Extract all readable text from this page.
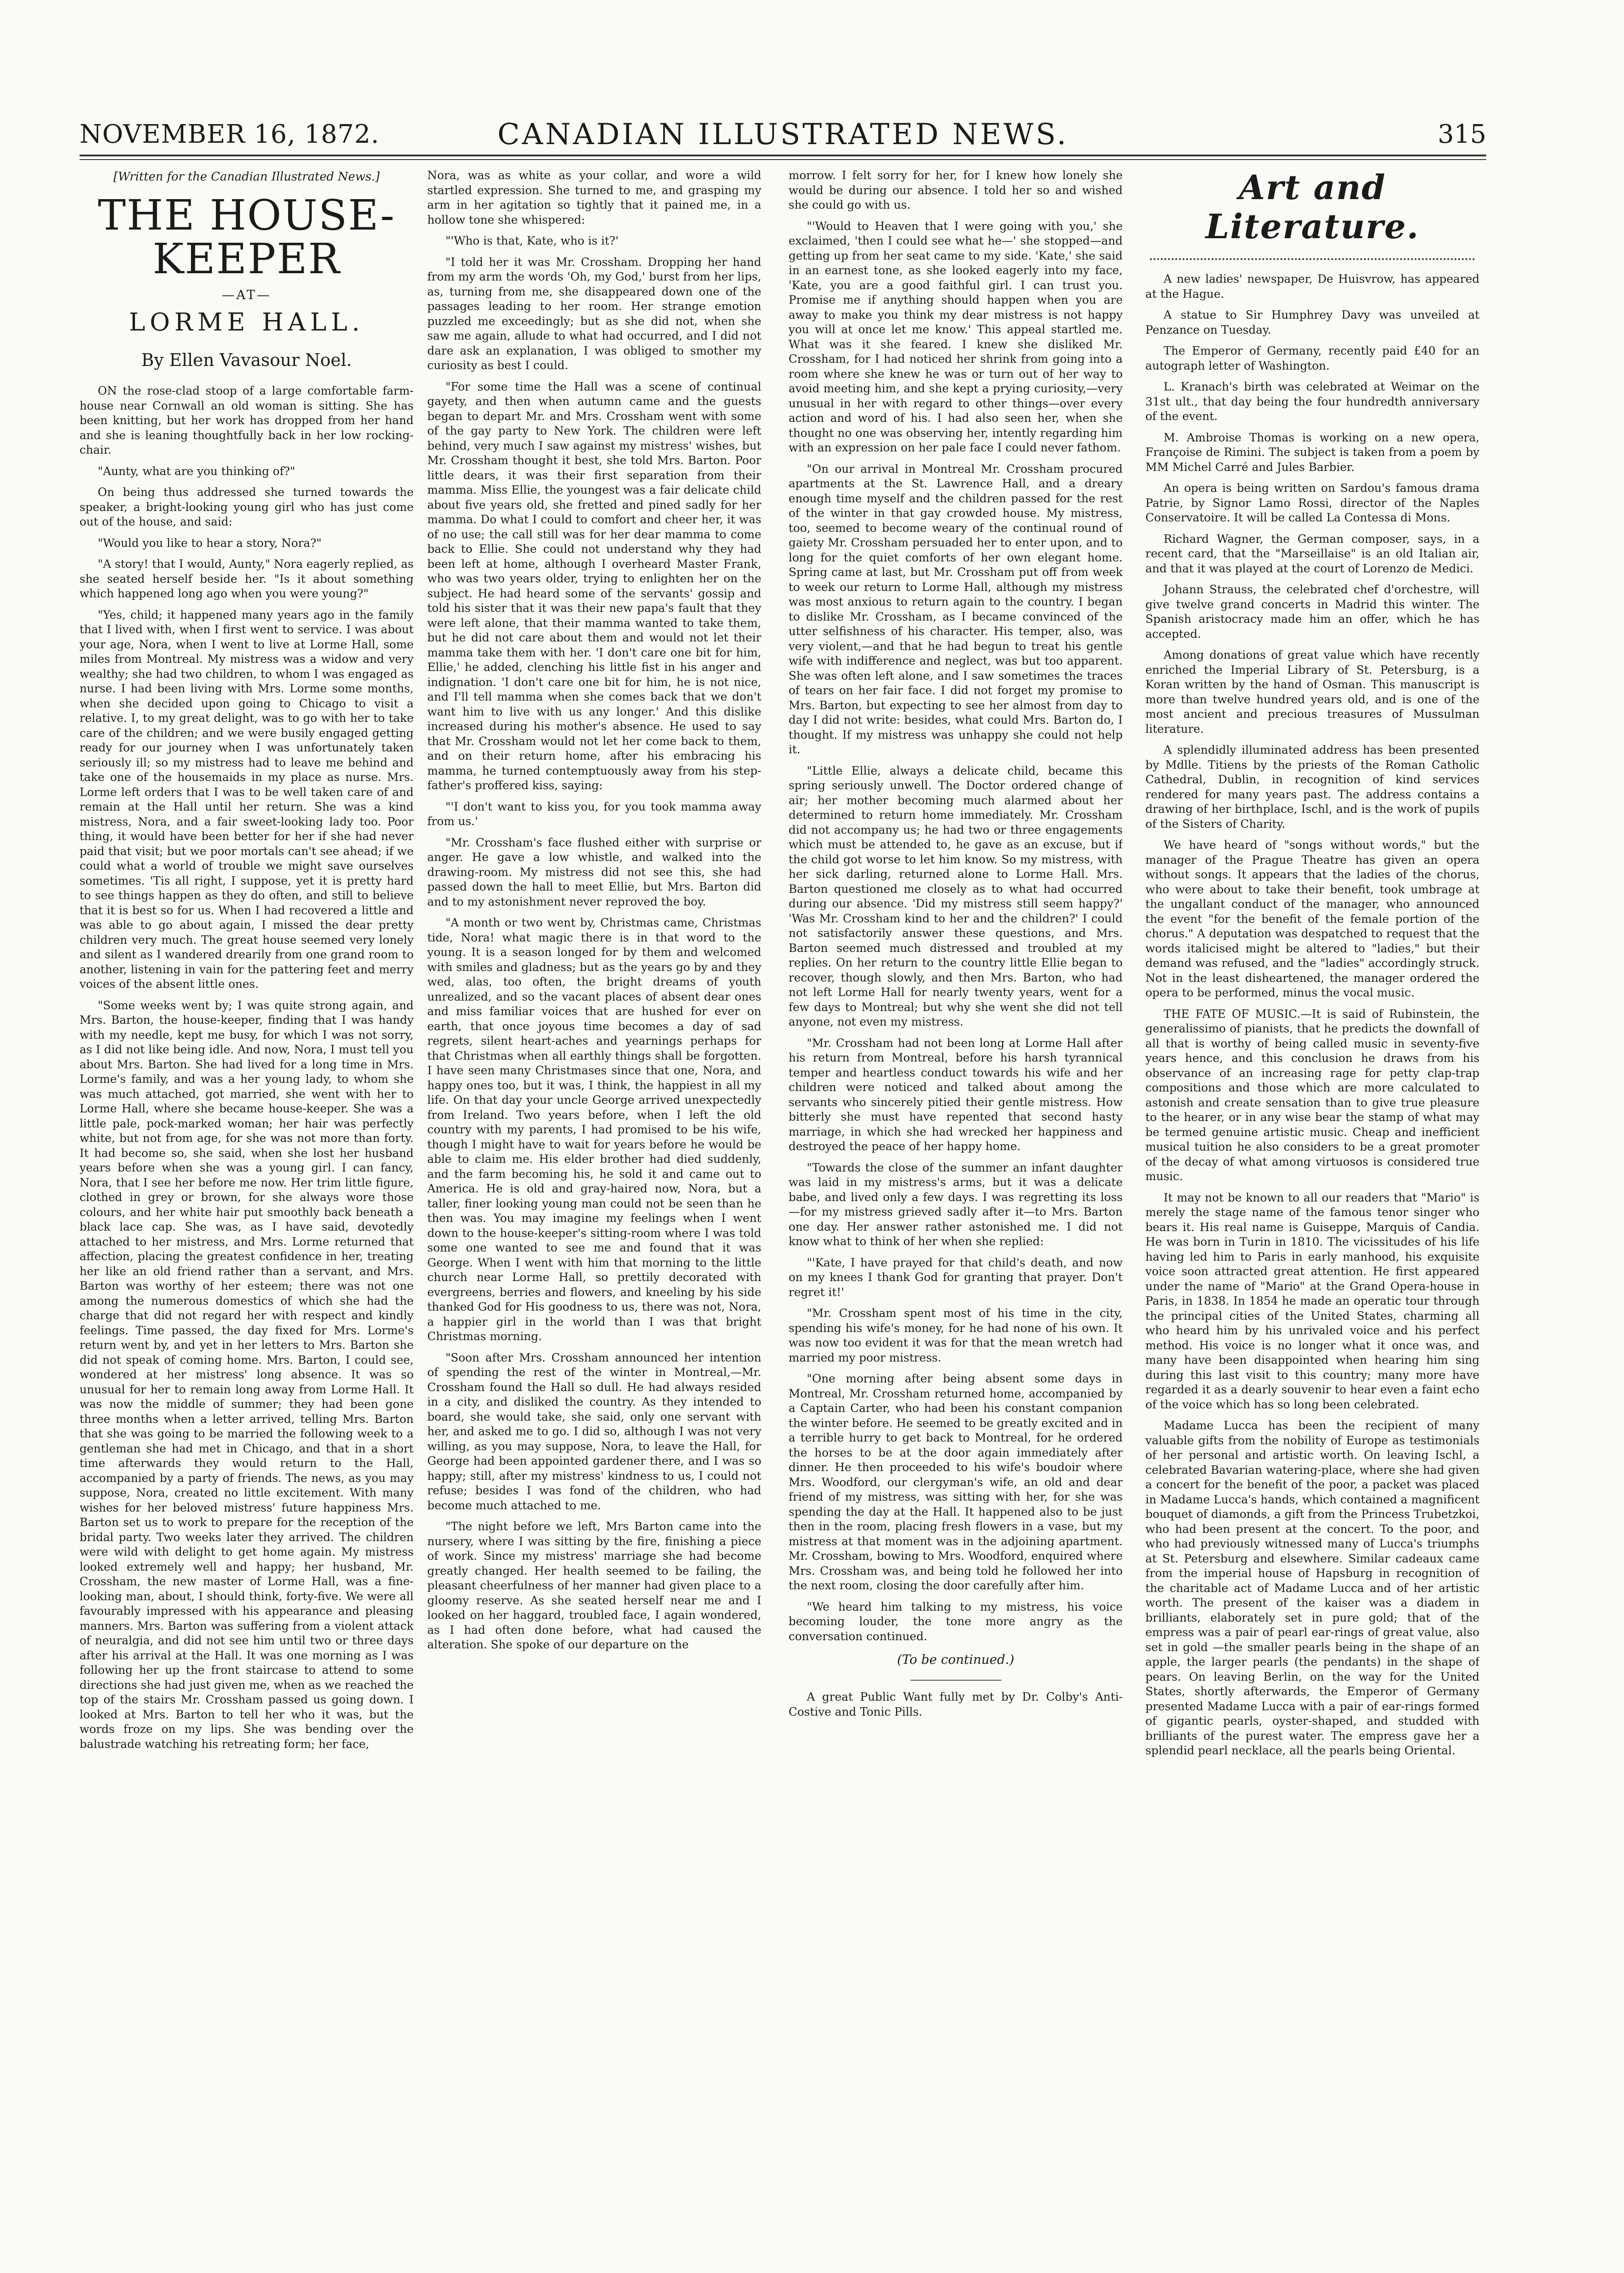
NOVEMBER 16, 1872.	CANADIAN ILLUSTRATED NEWS.	315
[Written for the Canadian Illustrated News.]
THE HOUSE-KEEPER
—AT—
LORME HALL.
By Ellen Vavasour Noel.

ON the rose-clad stoop of a large comfortable farm-house near Cornwall an old woman is sitting. She has been knitting, but her work has dropped from her hand and she is leaning thoughtfully back in her low rocking-chair.

"Aunty, what are you thinking of?"

On being thus addressed she turned towards the speaker, a bright-looking young girl who has just come out of the house, and said:

"Would you like to hear a story, Nora?"

"A story! that I would, Aunty," Nora eagerly replied, as she seated herself beside her. "Is it about something which happened long ago when you were young?"

"Yes, child; it happened many years ago in the family that I lived with, when I first went to service. I was about your age, Nora, when I went to live at Lorme Hall, some miles from Montreal. My mistress was a widow and very wealthy; she had two children, to whom I was engaged as nurse. I had been living with Mrs. Lorme some months, when she decided upon going to Chicago to visit a relative. I, to my great delight, was to go with her to take care of the children; and we were busily engaged getting ready for our journey when I was unfortunately taken seriously ill; so my mistress had to leave me behind and take one of the housemaids in my place as nurse. Mrs. Lorme left orders that I was to be well taken care of and remain at the Hall until her return. She was a kind mistress, Nora, and a fair sweet-looking lady too. Poor thing, it would have been better for her if she had never paid that visit; but we poor mortals can't see ahead; if we could what a world of trouble we might save ourselves sometimes. 'Tis all right, I suppose, yet it is pretty hard to see things happen as they do often, and still to believe that it is best so for us. When I had recovered a little and was able to go about again, I missed the dear pretty children very much. The great house seemed very lonely and silent as I wandered drearily from one grand room to another, listening in vain for the pattering feet and merry voices of the absent little ones.

"Some weeks went by; I was quite strong again, and Mrs. Barton, the house-keeper, finding that I was handy with my needle, kept me busy, for which I was not sorry, as I did not like being idle. And now, Nora, I must tell you about Mrs. Barton. She had lived for a long time in Mrs. Lorme's family, and was a her young lady, to whom she was much attached, got married, she went with her to Lorme Hall, where she became house-keeper. She was a little pale, pock-marked woman; her hair was perfectly white, but not from age, for she was not more than forty. It had become so, she said, when she lost her husband years before when she was a young girl. I can fancy, Nora, that I see her before me now. Her trim little figure, clothed in grey or brown, for she always wore those colours, and her white hair put smoothly back beneath a black lace cap. She was, as I have said, devotedly attached to her mistress, and Mrs. Lorme returned that affection, placing the greatest confidence in her, treating her like an old friend rather than a servant, and Mrs. Barton was worthy of her esteem; there was not one among the numerous domestics of which she had the charge that did not regard her with respect and kindly feelings. Time passed, the day fixed for Mrs. Lorme's return went by, and yet in her letters to Mrs. Barton she did not speak of coming home. Mrs. Barton, I could see, wondered at her mistress' long absence. It was so unusual for her to remain long away from Lorme Hall. It was now the middle of summer; they had been gone three months when a letter arrived, telling Mrs. Barton that she was going to be married the following week to a gentleman she had met in Chicago, and that in a short time afterwards they would return to the Hall, accompanied by a party of friends. The news, as you may suppose, Nora, created no little excitement. With many wishes for her beloved mistress' future happiness Mrs. Barton set us to work to prepare for the reception of the bridal party. Two weeks later they arrived. The children were wild with delight to get home again. My mistress looked extremely well and happy; her husband, Mr. Crossham, the new master of Lorme Hall, was a fine-looking man, about, I should think, forty-five. We were all favourably impressed with his appearance and pleasing manners. Mrs. Barton was suffering from a violent attack of neuralgia, and did not see him until two or three days after his arrival at the Hall. It was one morning as I was following her up the front staircase to attend to some directions she had just given me, when as we reached the top of the stairs Mr. Crossham passed us going down. I looked at Mrs. Barton to tell her who it was, but the words froze on my lips. She was bending over the balustrade watching his retreating form; her face,

Nora, was as white as your collar, and wore a wild startled expression. She turned to me, and grasping my arm in her agitation so tightly that it pained me, in a hollow tone she whispered:

"'Who is that, Kate, who is it?'

"I told her it was Mr. Crossham. Dropping her hand from my arm the words 'Oh, my God,' burst from her lips, as, turning from me, she disappeared down one of the passages leading to her room. Her strange emotion puzzled me exceedingly; but as she did not, when she saw me again, allude to what had occurred, and I did not dare ask an explanation, I was obliged to smother my curiosity as best I could.

"For some time the Hall was a scene of continual gayety, and then when autumn came and the guests began to depart Mr. and Mrs. Crossham went with some of the gay party to New York. The children were left behind, very much I saw against my mistress' wishes, but Mr. Crossham thought it best, she told Mrs. Barton. Poor little dears, it was their first separation from their mamma. Miss Ellie, the youngest was a fair delicate child about five years old, she fretted and pined sadly for her mamma. Do what I could to comfort and cheer her, it was of no use; the call still was for her dear mamma to come back to Ellie. She could not understand why they had been left at home, although I overheard Master Frank, who was two years older, trying to enlighten her on the subject. He had heard some of the servants' gossip and told his sister that it was their new papa's fault that they were left alone, that their mamma wanted to take them, but he did not care about them and would not let their mamma take them with her. 'I don't care one bit for him, Ellie,' he added, clenching his little fist in his anger and indignation. 'I don't care one bit for him, he is not nice, and I'll tell mamma when she comes back that we don't want him to live with us any longer.' And this dislike increased during his mother's absence. He used to say that Mr. Crossham would not let her come back to them, and on their return home, after his embracing his mamma, he turned contemptuously away from his step-father's proffered kiss, saying:

"'I don't want to kiss you, for you took mamma away from us.'

"Mr. Crossham's face flushed either with surprise or anger. He gave a low whistle, and walked into the drawing-room. My mistress did not see this, she had passed down the hall to meet Ellie, but Mrs. Barton did and to my astonishment never reproved the boy.

"A month or two went by, Christmas came, Christmas tide, Nora! what magic there is in that word to the young. It is a season longed for by them and welcomed with smiles and gladness; but as the years go by and they wed, alas, too often, the bright dreams of youth unrealized, and so the vacant places of absent dear ones and miss familiar voices that are hushed for ever on earth, that once joyous time becomes a day of sad regrets, silent heart-aches and yearnings perhaps for that Christmas when all earthly things shall be forgotten. I have seen many Christmases since that one, Nora, and happy ones too, but it was, I think, the happiest in all my life. On that day your uncle George arrived unexpectedly from Ireland. Two years before, when I left the old country with my parents, I had promised to be his wife, though I might have to wait for years before he would be able to claim me. His elder brother had died suddenly, and the farm becoming his, he sold it and came out to America. He is old and gray-haired now, Nora, but a taller, finer looking young man could not be seen than he then was. You may imagine my feelings when I went down to the house-keeper's sitting-room where I was told some one wanted to see me and found that it was George. When I went with him that morning to the little church near Lorme Hall, so prettily decorated with evergreens, berries and flowers, and kneeling by his side thanked God for His goodness to us, there was not, Nora, a happier girl in the world than I was that bright Christmas morning.

"Soon after Mrs. Crossham announced her intention of spending the rest of the winter in Montreal,—Mr. Crossham found the Hall so dull. He had always resided in a city, and disliked the country. As they intended to board, she would take, she said, only one servant with her, and asked me to go. I did so, although I was not very willing, as you may suppose, Nora, to leave the Hall, for George had been appointed gardener there, and I was so happy; still, after my mistress' kindness to us, I could not refuse; besides I was fond of the children, who had become much attached to me.

"The night before we left, Mrs Barton came into the nursery, where I was sitting by the fire, finishing a piece of work. Since my mistress' marriage she had become greatly changed. Her health seemed to be failing, the pleasant cheerfulness of her manner had given place to a gloomy reserve. As she seated herself near me and I looked on her haggard, troubled face, I again wondered, as I had often done before, what had caused the alteration. She spoke of our departure on the

morrow. I felt sorry for her, for I knew how lonely she would be during our absence. I told her so and wished she could go with us.

"'Would to Heaven that I were going with you,' she exclaimed, 'then I could see what he—' she stopped—and getting up from her seat came to my side. 'Kate,' she said in an earnest tone, as she looked eagerly into my face, 'Kate, you are a good faithful girl. I can trust you. Promise me if anything should happen when you are away to make you think my dear mistress is not happy you will at once let me know.' This appeal startled me. What was it she feared. I knew she disliked Mr. Crossham, for I had noticed her shrink from going into a room where she knew he was or turn out of her way to avoid meeting him, and she kept a prying curiosity,—very unusual in her with regard to other things—over every action and word of his. I had also seen her, when she thought no one was observing her, intently regarding him with an expression on her pale face I could never fathom.

"On our arrival in Montreal Mr. Crossham procured apartments at the St. Lawrence Hall, and a dreary enough time myself and the children passed for the rest of the winter in that gay crowded house. My mistress, too, seemed to become weary of the continual round of gaiety Mr. Crossham persuaded her to enter upon, and to long for the quiet comforts of her own elegant home. Spring came at last, but Mr. Crossham put off from week to week our return to Lorme Hall, although my mistress was most anxious to return again to the country. I began to dislike Mr. Crossham, as I became convinced of the utter selfishness of his character. His temper, also, was very violent,—and that he had begun to treat his gentle wife with indifference and neglect, was but too apparent. She was often left alone, and I saw sometimes the traces of tears on her fair face. I did not forget my promise to Mrs. Barton, but expecting to see her almost from day to day I did not write: besides, what could Mrs. Barton do, I thought. If my mistress was unhappy she could not help it.

"Little Ellie, always a delicate child, became this spring seriously unwell. The Doctor ordered change of air; her mother becoming much alarmed about her determined to return home immediately. Mr. Crossham did not accompany us; he had two or three engagements which must be attended to, he gave as an excuse, but if the child got worse to let him know. So my mistress, with her sick darling, returned alone to Lorme Hall. Mrs. Barton questioned me closely as to what had occurred during our absence. 'Did my mistress still seem happy?' 'Was Mr. Crossham kind to her and the children?' I could not satisfactorily answer these questions, and Mrs. Barton seemed much distressed and troubled at my replies. On her return to the country little Ellie began to recover, though slowly, and then Mrs. Barton, who had not left Lorme Hall for nearly twenty years, went for a few days to Montreal; but why she went she did not tell anyone, not even my mistress.

"Mr. Crossham had not been long at Lorme Hall after his return from Montreal, before his harsh tyrannical temper and heartless conduct towards his wife and her children were noticed and talked about among the servants who sincerely pitied their gentle mistress. How bitterly she must have repented that second hasty marriage, in which she had wrecked her happiness and destroyed the peace of her happy home.

"Towards the close of the summer an infant daughter was laid in my mistress's arms, but it was a delicate babe, and lived only a few days. I was regretting its loss—for my mistress grieved sadly after it—to Mrs. Barton one day. Her answer rather astonished me. I did not know what to think of her when she replied:

"'Kate, I have prayed for that child's death, and now on my knees I thank God for granting that prayer. Don't regret it!'

"Mr. Crossham spent most of his time in the city, spending his wife's money, for he had none of his own. It was now too evident it was for that the mean wretch had married my poor mistress.

"One morning after being absent some days in Montreal, Mr. Crossham returned home, accompanied by a Captain Carter, who had been his constant companion the winter before. He seemed to be greatly excited and in a terrible hurry to get back to Montreal, for he ordered the horses to be at the door again immediately after dinner. He then proceeded to his wife's boudoir where Mrs. Woodford, our clergyman's wife, an old and dear friend of my mistress, was sitting with her, for she was spending the day at the Hall. It happened also to be just then in the room, placing fresh flowers in a vase, but my mistress at that moment was in the adjoining apartment. Mr. Crossham, bowing to Mrs. Woodford, enquired where Mrs. Crossham was, and being told he followed her into the next room, closing the door carefully after him.

"We heard him talking to my mistress, his voice becoming louder, the tone more angry as the conversation continued.

(To be continued.)

A great Public Want fully met by Dr. Colby's Anti-Costive and Tonic Pills.

Art and Literature.

A new ladies' newspaper, De Huisvrow, has appeared at the Hague.

A statue to Sir Humphrey Davy was unveiled at Penzance on Tuesday.

The Emperor of Germany, recently paid £40 for an autograph letter of Washington.

L. Kranach's birth was celebrated at Weimar on the 31st ult., that day being the four hundredth anniversary of the event.

M. Ambroise Thomas is working on a new opera, Françoise de Rimini. The subject is taken from a poem by MM Michel Carré and Jules Barbier.

An opera is being written on Sardou's famous drama Patrie, by Signor Lamo Rossi, director of the Naples Conservatoire. It will be called La Contessa di Mons.

Richard Wagner, the German composer, says, in a recent card, that the "Marseillaise" is an old Italian air, and that it was played at the court of Lorenzo de Medici.

Johann Strauss, the celebrated chef d'orchestre, will give twelve grand concerts in Madrid this winter. The Spanish aristocracy made him an offer, which he has accepted.

Among donations of great value which have recently enriched the Imperial Library of St. Petersburg, is a Koran written by the hand of Osman. This manuscript is more than twelve hundred years old, and is one of the most ancient and precious treasures of Mussulman literature.

A splendidly illuminated address has been presented by Mdlle. Titiens by the priests of the Roman Catholic Cathedral, Dublin, in recognition of kind services rendered for many years past. The address contains a drawing of her birthplace, Ischl, and is the work of pupils of the Sisters of Charity.

We have heard of "songs without words," but the manager of the Prague Theatre has given an opera without songs. It appears that the ladies of the chorus, who were about to take their benefit, took umbrage at the ungallant conduct of the manager, who announced the event "for the benefit of the female portion of the chorus." A deputation was despatched to request that the words italicised might be altered to "ladies," but their demand was refused, and the "ladies" accordingly struck. Not in the least disheartened, the manager ordered the opera to be performed, minus the vocal music.

THE FATE OF MUSIC.—It is said of Rubinstein, the generalissimo of pianists, that he predicts the downfall of all that is worthy of being called music in seventy-five years hence, and this conclusion he draws from his observance of an increasing rage for petty clap-trap compositions and those which are more calculated to astonish and create sensation than to give true pleasure to the hearer, or in any wise bear the stamp of what may be termed genuine artistic music. Cheap and inefficient musical tuition he also considers to be a great promoter of the decay of what among virtuosos is considered true music.

It may not be known to all our readers that "Mario" is merely the stage name of the famous tenor singer who bears it. His real name is Guiseppe, Marquis of Candia. He was born in Turin in 1810. The vicissitudes of his life having led him to Paris in early manhood, his exquisite voice soon attracted great attention. He first appeared under the name of "Mario" at the Grand Opera-house in Paris, in 1838. In 1854 he made an operatic tour through the principal cities of the United States, charming all who heard him by his unrivaled voice and his perfect method. His voice is no longer what it once was, and many have been disappointed when hearing him sing during this last visit to this country; many more have regarded it as a dearly souvenir to hear even a faint echo of the voice which has so long been celebrated.

Madame Lucca has been the recipient of many valuable gifts from the nobility of Europe as testimonials of her personal and artistic worth. On leaving Ischl, a celebrated Bavarian watering-place, where she had given a concert for the benefit of the poor, a packet was placed in Madame Lucca's hands, which contained a magnificent bouquet of diamonds, a gift from the Princess Trubetzkoi, who had been present at the concert. To the poor, and who had previously witnessed many of Lucca's triumphs at St. Petersburg and elsewhere. Similar cadeaux came from the imperial house of Hapsburg in recognition of the charitable act of Madame Lucca and of her artistic worth. The present of the kaiser was a diadem in brilliants, elaborately set in pure gold; that of the empress was a pair of pearl ear-rings of great value, also set in gold —the smaller pearls being in the shape of an apple, the larger pearls (the pendants) in the shape of pears. On leaving Berlin, on the way for the United States, shortly afterwards, the Emperor of Germany presented Madame Lucca with a pair of ear-rings formed of gigantic pearls, oyster-shaped, and studded with brilliants of the purest water. The empress gave her a splendid pearl necklace, all the pearls being Oriental.
